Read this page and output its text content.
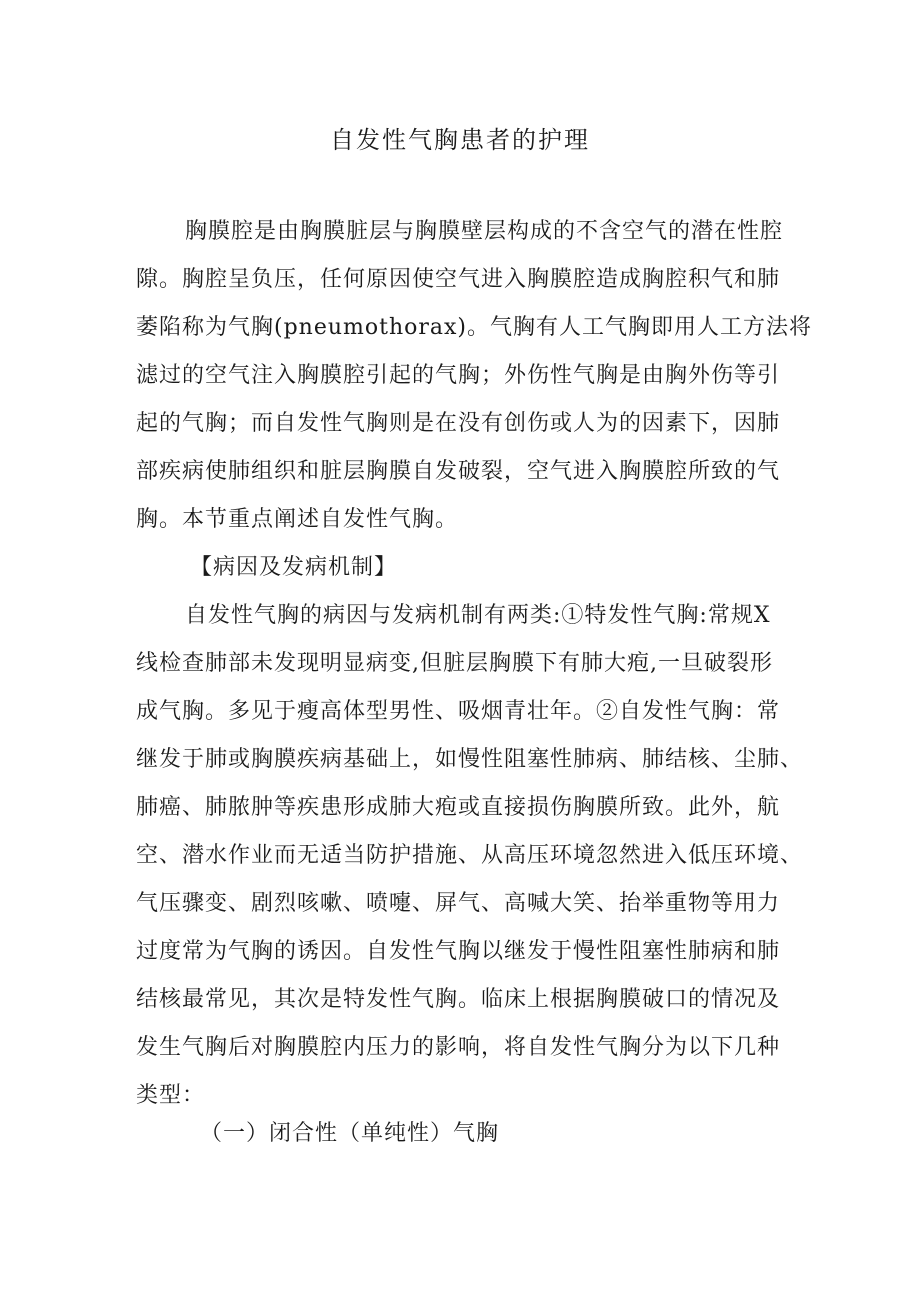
自发性气胸患者的护理
胸膜腔是由胸膜脏层与胸膜壁层构成的不含空气的潜在性腔
隙。胸腔呈负压，任何原因使空气进入胸膜腔造成胸腔积气和肺
萎陷称为气胸(pneumothorax)。气胸有人工气胸即用人工方法将
滤过的空气注入胸膜腔引起的气胸；外伤性气胸是由胸外伤等引
起的气胸；而自发性气胸则是在没有创伤或人为的因素下，因肺
部疾病使肺组织和脏层胸膜自发破裂，空气进入胸膜腔所致的气
胸。本节重点阐述自发性气胸。
【病因及发病机制】
自发性气胸的病因与发病机制有两类:①特发性气胸:常规X
线检查肺部未发现明显病变,但脏层胸膜下有肺大疱,一旦破裂形
成气胸。多见于瘦高体型男性、吸烟青壮年。②自发性气胸：常
继发于肺或胸膜疾病基础上，如慢性阻塞性肺病、肺结核、尘肺、
肺癌、肺脓肿等疾患形成肺大疱或直接损伤胸膜所致。此外，航
空、潜水作业而无适当防护措施、从高压环境忽然进入低压环境、
气压骤变、剧烈咳嗽、喷嚏、屏气、高喊大笑、抬举重物等用力
过度常为气胸的诱因。自发性气胸以继发于慢性阻塞性肺病和肺
结核最常见，其次是特发性气胸。临床上根据胸膜破口的情况及
发生气胸后对胸膜腔内压力的影响，将自发性气胸分为以下几种
类型：
（一）闭合性（单纯性）气胸
